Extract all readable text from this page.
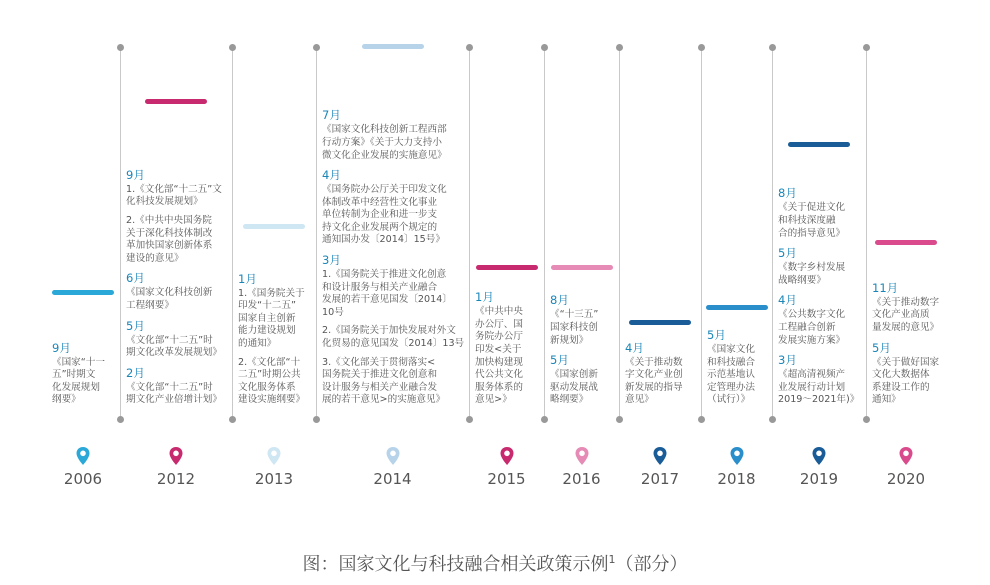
9月
《国家“十一
五”时期文
化发展规划
纲要》
2006
9月
1.《文化部“十二五”文
化科技发展规划》
2.《中共中央国务院
关于深化科技体制改
革加快国家创新体系
建设的意见》
6月
《国家文化科技创新
工程纲要》
5月
《文化部“十二五”时
期文化改革发展规划》
2月
《文化部“十二五”时
期文化产业倍增计划》
2012
1月
1.《国务院关于
印发“十二五”
国家自主创新
能力建设规划
的通知》
2.《文化部“十
二五”时期公共
文化服务体系
建设实施纲要》
2013
7月
《国家文化科技创新工程西部
行动方案》《关于大力支持小
微文化企业发展的实施意见》
4月
《国务院办公厅关于印发文化
体制改革中经营性文化事业
单位转制为企业和进一步支
持文化企业发展两个规定的
通知国办发〔2014〕15号》
3月
1.《国务院关于推进文化创意
和设计服务与相关产业融合
发展的若干意见国发〔2014〕
10号
2.《国务院关于加快发展对外文
化贸易的意见国发〔2014〕13号
3.《文化部关于贯彻落实<
国务院关于推进文化创意和
设计服务与相关产业融合发
展的若干意见>的实施意见》
2014
1月
《中共中央
办公厅、国
务院办公厅
印发<关于
加快构建现
代公共文化
服务体系的
意见>》
2015
8月
《“十三五”
国家科技创
新规划》
5月
《国家创新
驱动发展战
略纲要》
2016
4月
《关于推动数
字文化产业创
新发展的指导
意见》
2017
5月
《国家文化
和科技融合
示范基地认
定管理办法
（试行）》
2018
8月
《关于促进文化
和科技深度融
合的指导意见》
5月
《数字乡村发展
战略纲要》
4月
《公共数字文化
工程融合创新
发展实施方案》
3月
《超高清视频产
业发展行动计划
2019～2021年)》
2019
11月
《关于推动数字
文化产业高质
量发展的意见》
5月
《关于做好国家
文化大数据体
系建设工作的
通知》
2020
图：国家文化与科技融合相关政策示例$^1$（部分）
